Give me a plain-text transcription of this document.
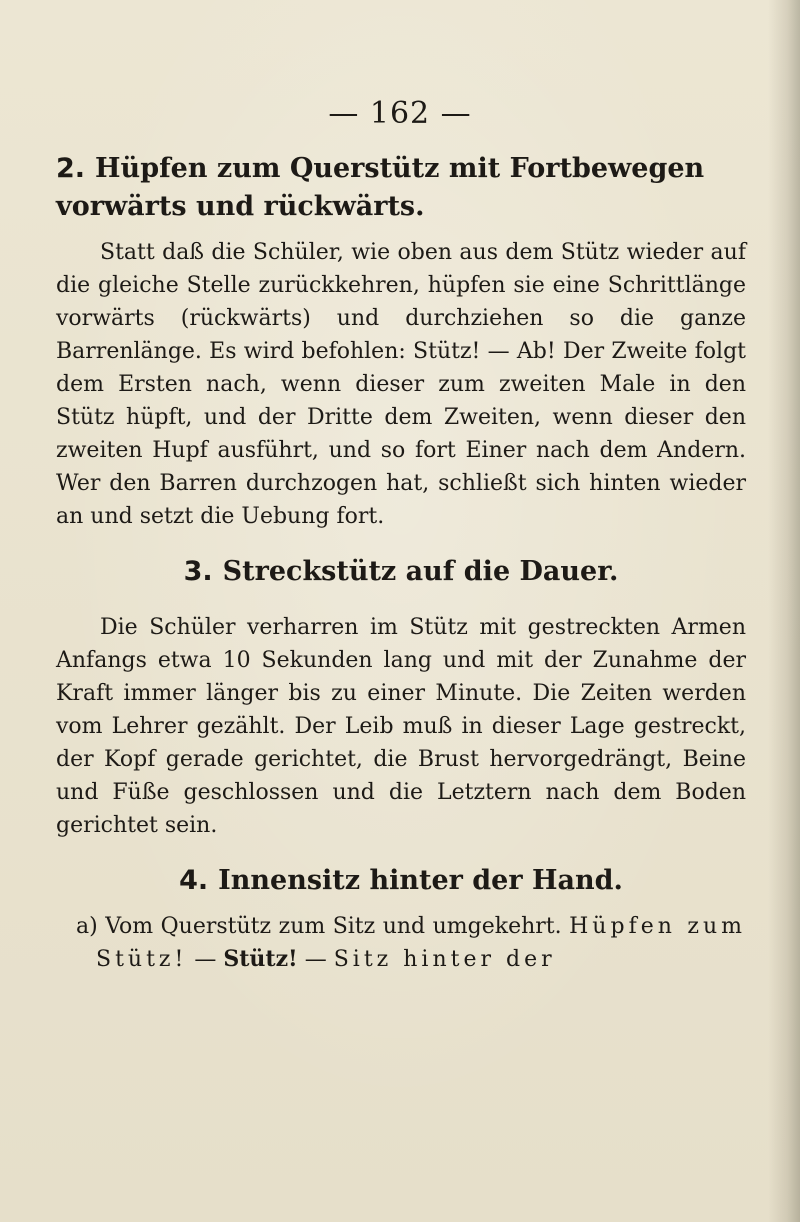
— 162 —

2. Hüpfen zum Querstütz mit Fortbewegen vorwärts und rückwärts.

Statt daß die Schüler, wie oben aus dem Stütz wieder auf die gleiche Stelle zurückkehren, hüpfen sie eine Schrittlänge vorwärts (rückwärts) und durchziehen so die ganze Barrenlänge. Es wird befohlen: Stütz! — Ab! Der Zweite folgt dem Ersten nach, wenn dieser zum zweiten Male in den Stütz hüpft, und der Dritte dem Zweiten, wenn dieser den zweiten Hupf ausführt, und so fort Einer nach dem Andern. Wer den Barren durchzogen hat, schließt sich hinten wieder an und setzt die Uebung fort.

3. Streckstütz auf die Dauer.

Die Schüler verharren im Stütz mit gestreckten Armen Anfangs etwa 10 Sekunden lang und mit der Zunahme der Kraft immer länger bis zu einer Minute. Die Zeiten werden vom Lehrer gezählt. Der Leib muß in dieser Lage gestreckt, der Kopf gerade gerichtet, die Brust hervorgedrängt, Beine und Füße geschlossen und die Letztern nach dem Boden gerichtet sein.

4. Innensitz hinter der Hand.

a) Vom Querstütz zum Sitz und umgekehrt. Hüpfen zum Stütz! — Stütz! — Sitz hinter der
